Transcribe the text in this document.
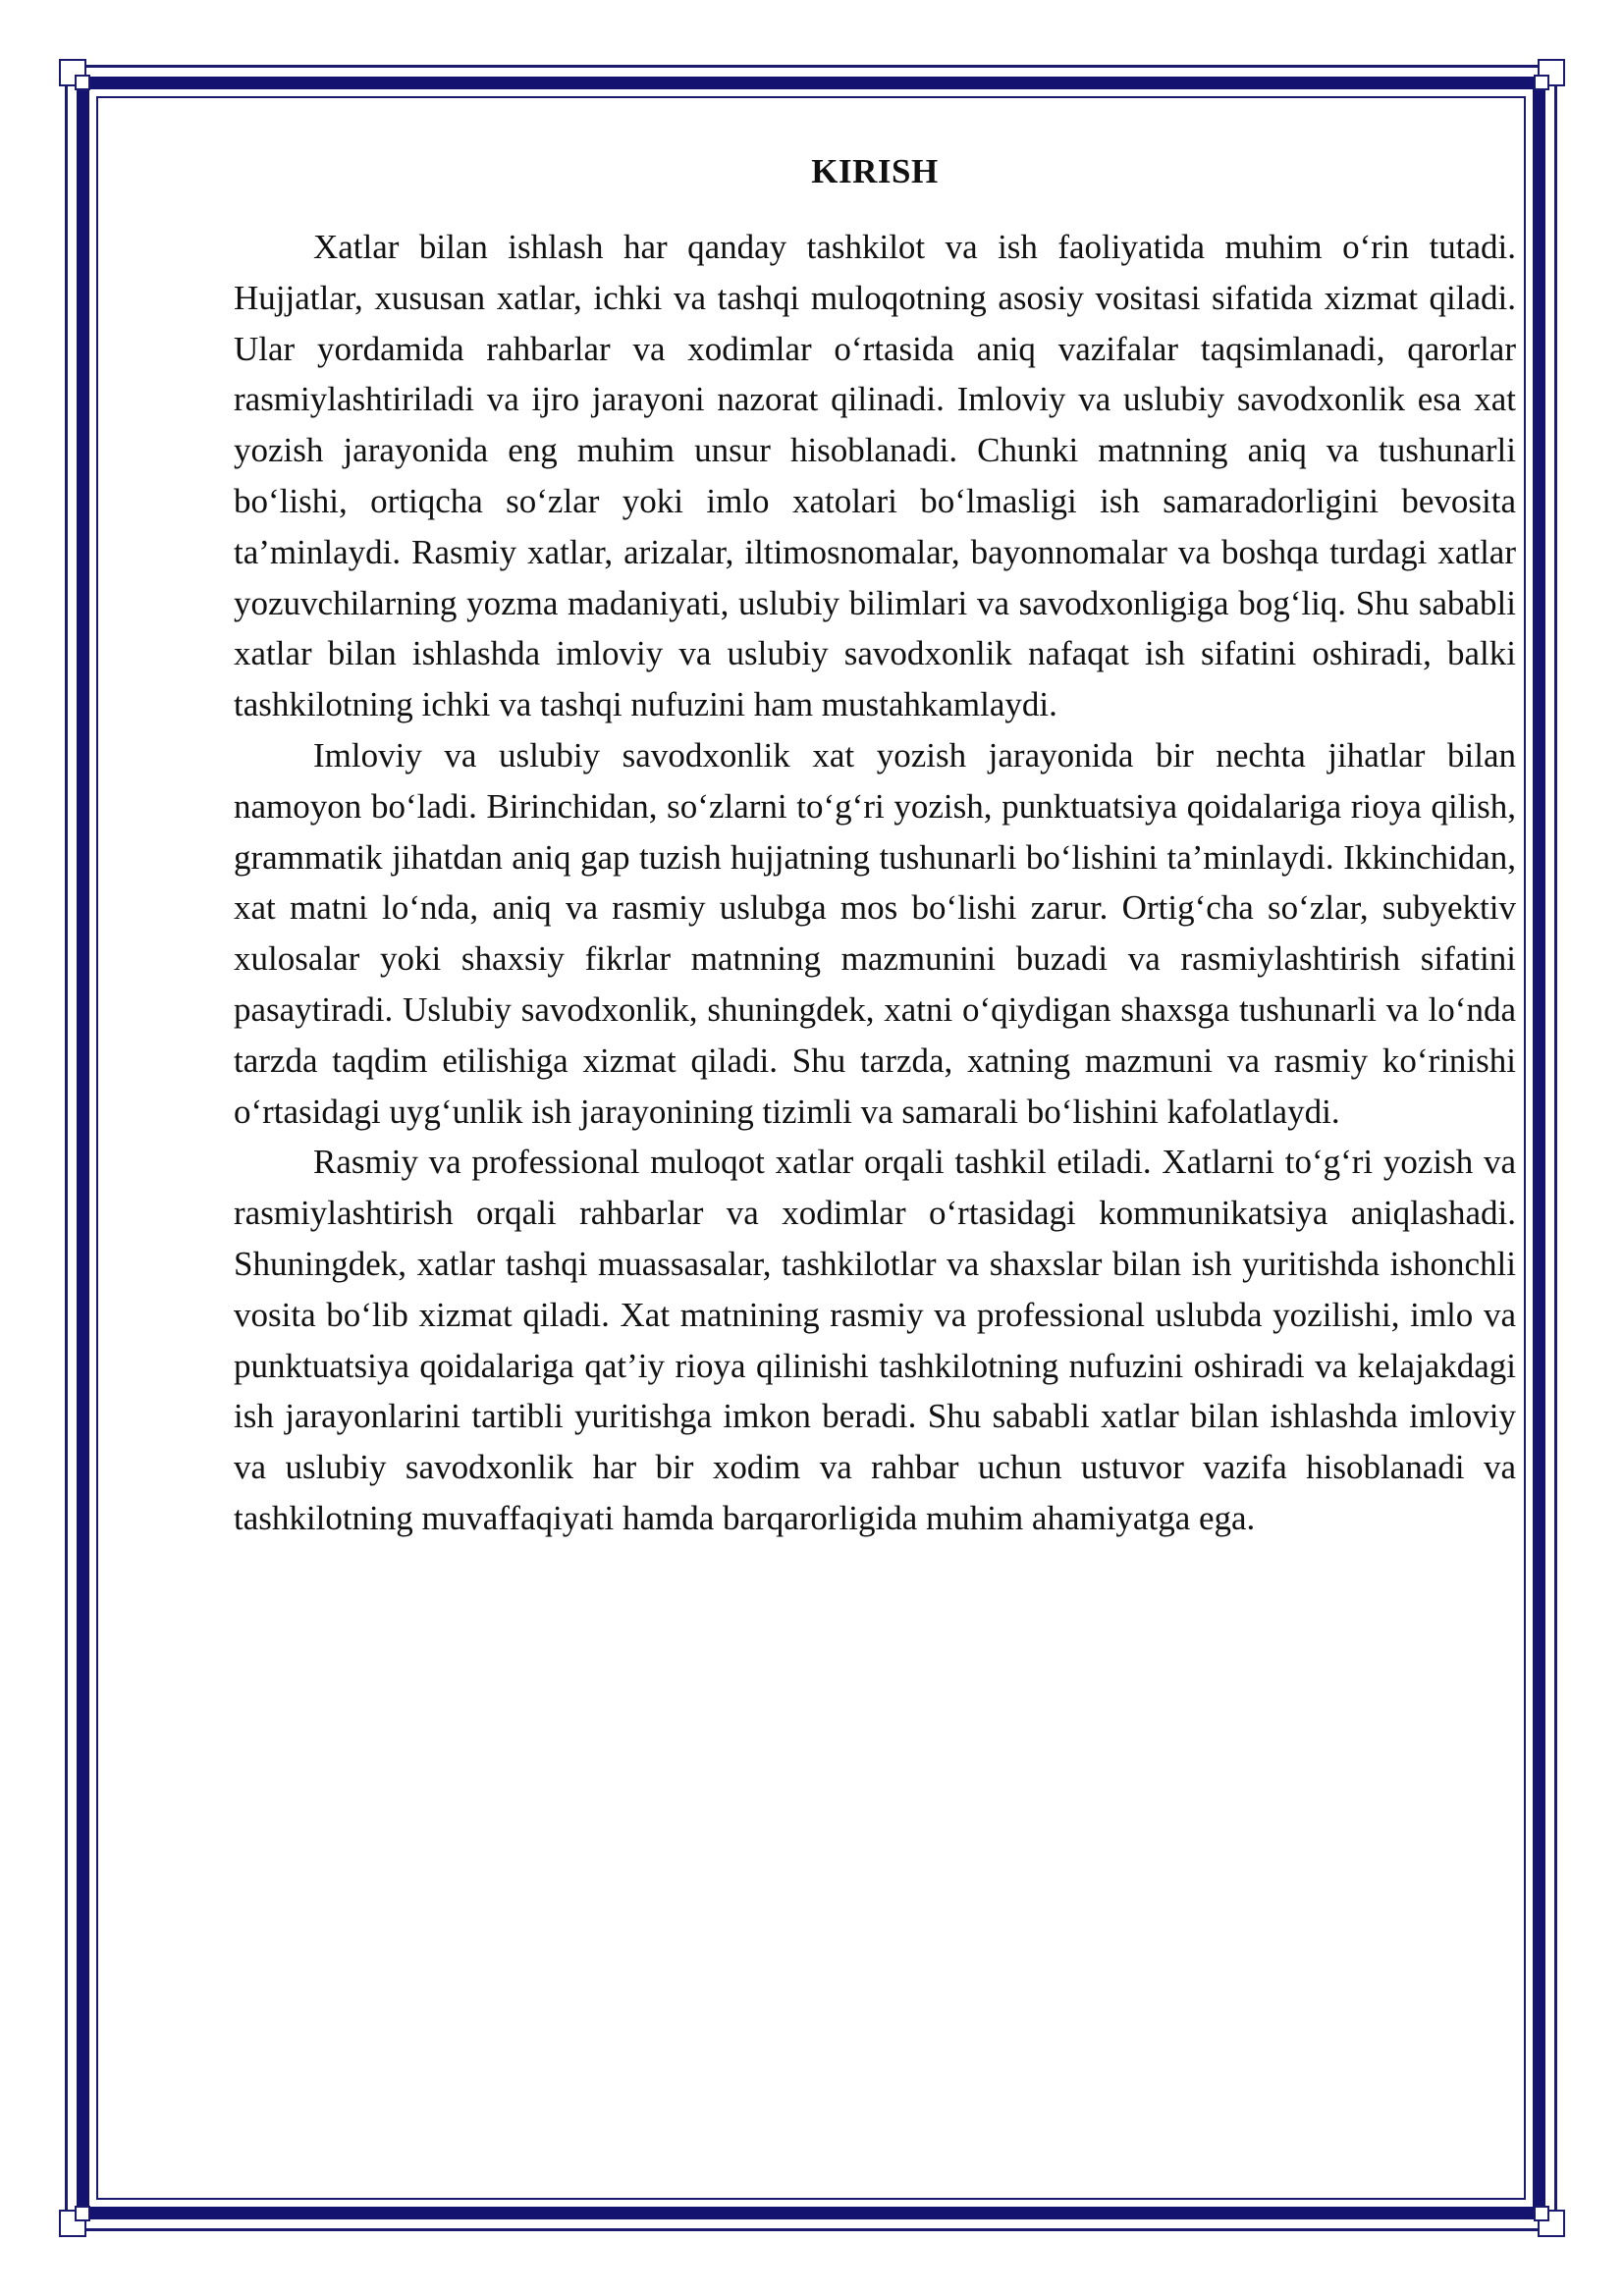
KIRISH

Xatlar bilan ishlash har qanday tashkilot va ish faoliyatida muhim o‘rin tutadi. Hujjatlar, xususan xatlar, ichki va tashqi muloqotning asosiy vositasi sifatida xizmat qiladi. Ular yordamida rahbarlar va xodimlar o‘rtasida aniq vazifalar taqsimlanadi, qarorlar rasmiylashtiriladi va ijro jarayoni nazorat qilinadi. Imloviy va uslubiy savodxonlik esa xat yozish jarayonida eng muhim unsur hisoblanadi. Chunki matnning aniq va tushunarli bo‘lishi, ortiqcha so‘zlar yoki imlo xatolari bo‘lmasligi ish samaradorligini bevosita ta’minlaydi. Rasmiy xatlar, arizalar, iltimosnomalar, bayonnomalar va boshqa turdagi xatlar yozuvchilarning yozma madaniyati, uslubiy bilimlari va savodxonligiga bog‘liq. Shu sababli xatlar bilan ishlashda imloviy va uslubiy savodxonlik nafaqat ish sifatini oshiradi, balki tashkilotning ichki va tashqi nufuzini ham mustahkamlaydi.

Imloviy va uslubiy savodxonlik xat yozish jarayonida bir nechta jihatlar bilan namoyon bo‘ladi. Birinchidan, so‘zlarni to‘g‘ri yozish, punktuatsiya qoidalariga rioya qilish, grammatik jihatdan aniq gap tuzish hujjatning tushunarli bo‘lishini ta’minlaydi. Ikkinchidan, xat matni lo‘nda, aniq va rasmiy uslubga mos bo‘lishi zarur. Ortig‘cha so‘zlar, subyektiv xulosalar yoki shaxsiy fikrlar matnning mazmunini buzadi va rasmiylashtirish sifatini pasaytiradi. Uslubiy savodxonlik, shuningdek, xatni o‘qiydigan shaxsga tushunarli va lo‘nda tarzda taqdim etilishiga xizmat qiladi. Shu tarzda, xatning mazmuni va rasmiy ko‘rinishi o‘rtasidagi uyg‘unlik ish jarayonining tizimli va samarali bo‘lishini kafolatlaydi.

Rasmiy va professional muloqot xatlar orqali tashkil etiladi. Xatlarni to‘g‘ri yozish va rasmiylashtirish orqali rahbarlar va xodimlar o‘rtasidagi kommunikatsiya aniqlashadi. Shuningdek, xatlar tashqi muassasalar, tashkilotlar va shaxslar bilan ish yuritishda ishonchli vosita bo‘lib xizmat qiladi. Xat matnining rasmiy va professional uslubda yozilishi, imlo va punktuatsiya qoidalariga qat’iy rioya qilinishi tashkilotning nufuzini oshiradi va kelajakdagi ish jarayonlarini tartibli yuritishga imkon beradi. Shu sababli xatlar bilan ishlashda imloviy va uslubiy savodxonlik har bir xodim va rahbar uchun ustuvor vazifa hisoblanadi va tashkilotning muvaffaqiyati hamda barqarorligida muhim ahamiyatga ega.
